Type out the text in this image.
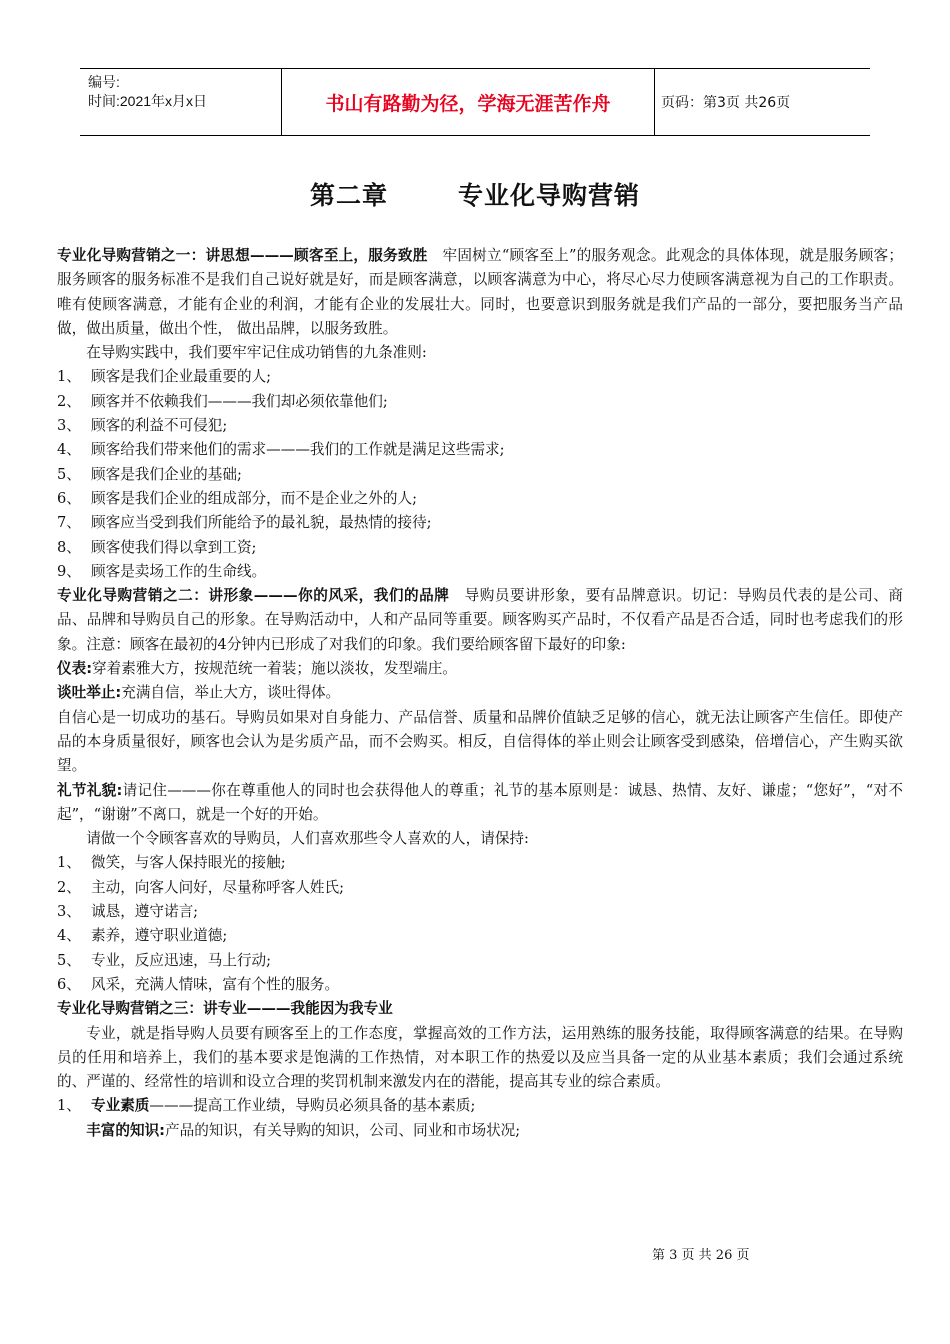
编号:
时间:2021年x月x日	书山有路勤为径，学海无涯苦作舟	页码：第3页 共26页
第二章	专业化导购营销

专业化导购营销之一：讲思想———顾客至上，服务致胜　牢固树立“顾客至上”的服务观念。此观念的具体体现，就是服务顾客；服务顾客的服务标准不是我们自己说好就是好，而是顾客满意，以顾客满意为中心，将尽心尽力使顾客满意视为自己的工作职责。唯有使顾客满意，才能有企业的利润，才能有企业的发展壮大。同时，也要意识到服务就是我们产品的一部分，要把服务当产品做，做出质量，做出个性， 做出品牌，以服务致胜。

在导购实践中，我们要牢牢记住成功销售的九条准则:

1、 顾客是我们企业最重要的人;
2、 顾客并不依赖我们———我们却必须依靠他们;
3、 顾客的利益不可侵犯;
4、 顾客给我们带来他们的需求———我们的工作就是满足这些需求;
5、 顾客是我们企业的基础;
6、 顾客是我们企业的组成部分，而不是企业之外的人;
7、 顾客应当受到我们所能给予的最礼貌，最热情的接待;
8、 顾客使我们得以拿到工资;
9、 顾客是卖场工作的生命线。

专业化导购营销之二：讲形象———你的风采，我们的品牌　导购员要讲形象，要有品牌意识。切记：导购员代表的是公司、商品、品牌和导购员自己的形象。在导购活动中，人和产品同等重要。顾客购买产品时，不仅看产品是否合适，同时也考虑我们的形象。注意：顾客在最初的4分钟内已形成了对我们的印象。我们要给顾客留下最好的印象:

仪表:穿着素雅大方，按规范统一着装；施以淡妆，发型端庄。

谈吐举止:充满自信，举止大方，谈吐得体。

自信心是一切成功的基石。导购员如果对自身能力、产品信誉、质量和品牌价值缺乏足够的信心，就无法让顾客产生信任。即使产品的本身质量很好，顾客也会认为是劣质产品，而不会购买。相反，自信得体的举止则会让顾客受到感染，倍增信心，产生购买欲望。

礼节礼貌:请记住———你在尊重他人的同时也会获得他人的尊重；礼节的基本原则是：诚恳、热情、友好、谦虚；“您好”，“对不起”，“谢谢”不离口，就是一个好的开始。

请做一个令顾客喜欢的导购员，人们喜欢那些令人喜欢的人，请保持:

1、 微笑，与客人保持眼光的接触;
2、 主动，向客人问好，尽量称呼客人姓氏;
3、 诚恳，遵守诺言;
4、 素养，遵守职业道德;
5、 专业，反应迅速，马上行动;
6、 风采，充满人情味，富有个性的服务。

专业化导购营销之三：讲专业———我能因为我专业

专业，就是指导购人员要有顾客至上的工作态度，掌握高效的工作方法，运用熟练的服务技能，取得顾客满意的结果。在导购员的任用和培养上，我们的基本要求是饱满的工作热情，对本职工作的热爱以及应当具备一定的从业基本素质；我们会通过系统的、严谨的、经常性的培训和设立合理的奖罚机制来激发内在的潜能，提高其专业的综合素质。

1、 专业素质———提高工作业绩，导购员必须具备的基本素质;

丰富的知识:产品的知识，有关导购的知识，公司、同业和市场状况;

第 3 页 共 26 页
